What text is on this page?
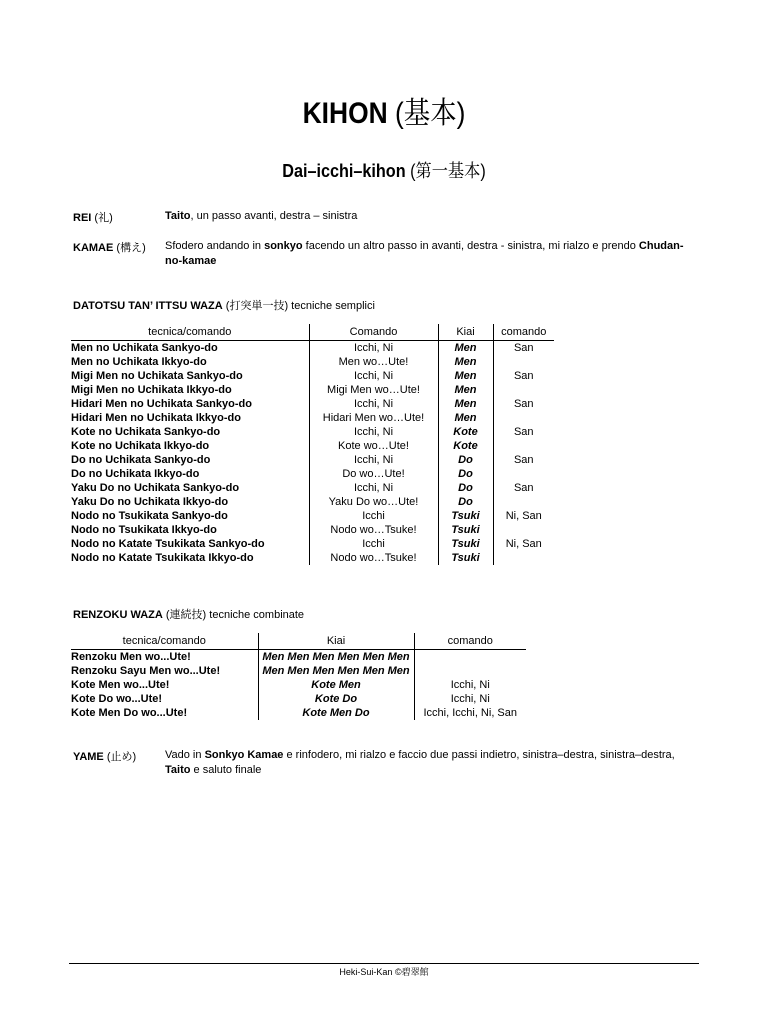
KIHON (基本)
Dai–icchi–kihon (第一基本)
REI (礼)	Taito, un passo avanti, destra – sinistra
KAMAE (構え) Sfodero andando in sonkyo facendo un altro passo in avanti, destra - sinistra, mi rialzo e prendo Chudan-no-kamae
DATOTSU TAN’ ITTSU WAZA (打突単一技) tecniche semplici
tecnica/comando	Comando	Kiai	comando
Men no Uchikata Sankyo-do	Icchi, Ni	Men	San
Men no Uchikata Ikkyo-do	Men wo…Ute!	Men	
Migi Men no Uchikata Sankyo-do	Icchi, Ni	Men	San
Migi Men no Uchikata Ikkyo-do	Migi Men wo…Ute!	Men	
Hidari Men no Uchikata Sankyo-do	Icchi, Ni	Men	San
Hidari Men no Uchikata Ikkyo-do	Hidari Men wo…Ute!	Men	
Kote no Uchikata Sankyo-do	Icchi, Ni	Kote	San
Kote no Uchikata Ikkyo-do	Kote wo…Ute!	Kote	
Do no Uchikata Sankyo-do	Icchi, Ni	Do	San
Do no Uchikata Ikkyo-do	Do wo…Ute!	Do	
Yaku Do no Uchikata Sankyo-do	Icchi, Ni	Do	San
Yaku Do no Uchikata Ikkyo-do	Yaku Do wo…Ute!	Do	
Nodo no Tsukikata Sankyo-do	Icchi	Tsuki	Ni, San
Nodo no Tsukikata Ikkyo-do	Nodo wo…Tsuke!	Tsuki	
Nodo no Katate Tsukikata Sankyo-do	Icchi	Tsuki	Ni, San
Nodo no Katate Tsukikata Ikkyo-do	Nodo wo…Tsuke!	Tsuki	
RENZOKU WAZA (連続技) tecniche combinate
tecnica/comando	Kiai	comando
Renzoku Men wo...Ute!	Men Men Men Men Men Men	
Renzoku Sayu Men wo...Ute!	Men Men Men Men Men Men	
Kote Men wo...Ute!	Kote Men	Icchi, Ni
Kote Do wo...Ute!	Kote Do	Icchi, Ni
Kote Men Do wo...Ute!	Kote Men Do	Icchi, Icchi, Ni, San
YAME (止め)	Vado in Sonkyo Kamae e rinfodero, mi rialzo e faccio due passi indietro, sinistra–destra, sinistra–destra, Taito e saluto finale
Heki-Sui-Kan ©碧翠館
